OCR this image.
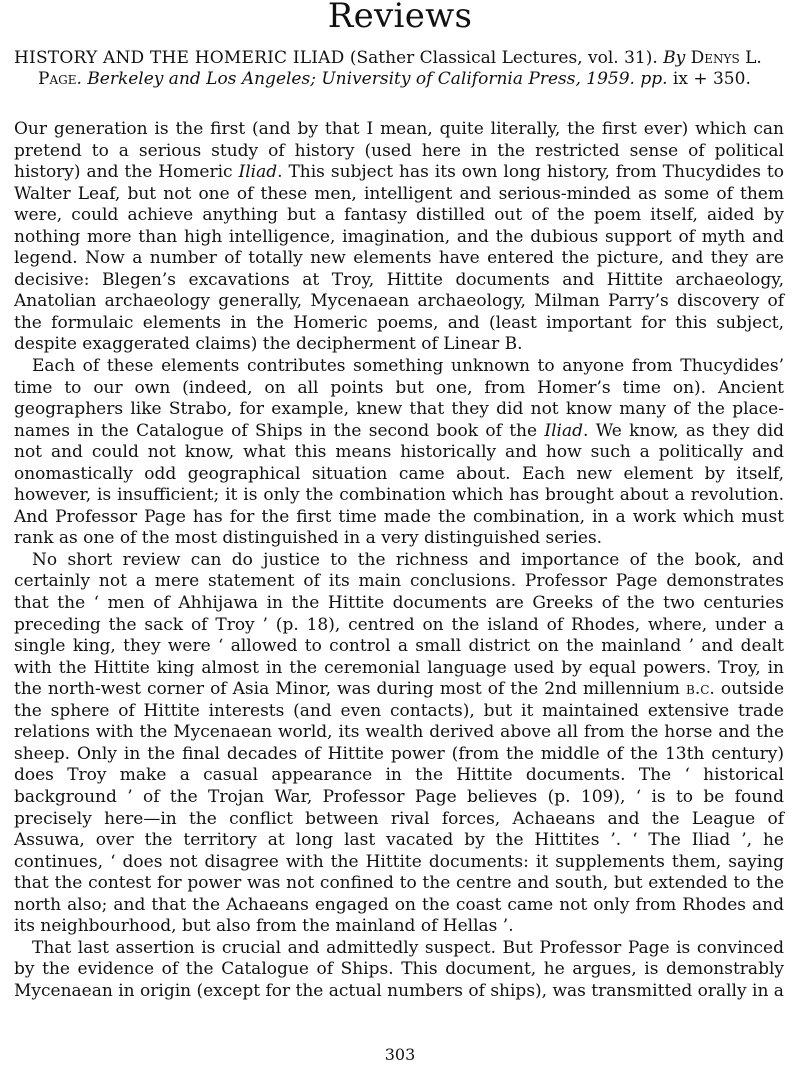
Reviews

HISTORY AND THE HOMERIC ILIAD (Sather Classical Lectures, vol. 31). By Denys L. Page. Berkeley and Los Angeles; University of California Press, 1959. pp. ix + 350.

Our generation is the first (and by that I mean, quite literally, the first ever) which can pretend to a serious study of history (used here in the restricted sense of political history) and the Homeric Iliad. This subject has its own long history, from Thucydides to Walter Leaf, but not one of these men, intelligent and serious-minded as some of them were, could achieve anything but a fantasy distilled out of the poem itself, aided by nothing more than high intelligence, imagination, and the dubious support of myth and legend. Now a number of totally new elements have entered the picture, and they are decisive: Blegen’s excavations at Troy, Hittite documents and Hittite archaeology, Anatolian archaeology generally, Mycenaean archaeology, Milman Parry’s discovery of the formulaic elements in the Homeric poems, and (least important for this subject, despite exaggerated claims) the decipherment of Linear B.

Each of these elements contributes something unknown to anyone from Thucydides’ time to our own (indeed, on all points but one, from Homer’s time on). Ancient geographers like Strabo, for example, knew that they did not know many of the place-names in the Catalogue of Ships in the second book of the Iliad. We know, as they did not and could not know, what this means historically and how such a politically and onomastically odd geographical situation came about. Each new element by itself, however, is insufficient; it is only the combination which has brought about a revolution. And Professor Page has for the first time made the combination, in a work which must rank as one of the most distinguished in a very distinguished series.

No short review can do justice to the richness and importance of the book, and certainly not a mere statement of its main conclusions. Professor Page demonstrates that the ‘ men of Ahhijawa in the Hittite documents are Greeks of the two centuries preceding the sack of Troy ’ (p. 18), centred on the island of Rhodes, where, under a single king, they were ‘ allowed to control a small district on the mainland ’ and dealt with the Hittite king almost in the ceremonial language used by equal powers. Troy, in the north-west corner of Asia Minor, was during most of the 2nd millennium b.c. outside the sphere of Hittite interests (and even contacts), but it maintained extensive trade relations with the Mycenaean world, its wealth derived above all from the horse and the sheep. Only in the final decades of Hittite power (from the middle of the 13th century) does Troy make a casual appearance in the Hittite documents. The ‘ historical background ’ of the Trojan War, Professor Page believes (p. 109), ‘ is to be found precisely here—in the conflict between rival forces, Achaeans and the League of Assuwa, over the territory at long last vacated by the Hittites ’. ‘ The Iliad ’, he continues, ‘ does not disagree with the Hittite documents: it supplements them, saying that the contest for power was not confined to the centre and south, but extended to the north also; and that the Achaeans engaged on the coast came not only from Rhodes and its neighbourhood, but also from the mainland of Hellas ’.

That last assertion is crucial and admittedly suspect. But Professor Page is convinced by the evidence of the Catalogue of Ships. This document, he argues, is demonstrably Mycenaean in origin (except for the actual numbers of ships), was transmitted orally in a

303
